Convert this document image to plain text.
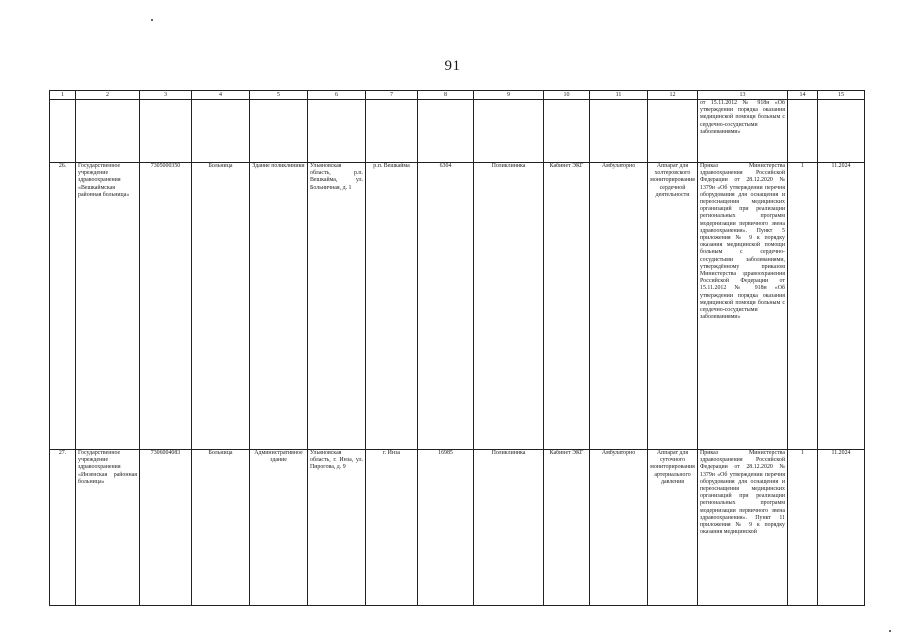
91
1	2	3	4	5	6	7	8	9	10	11	12	13	14	15
												от 15.11.2012 № 918н «Об утверждении порядка оказания медицинской помощи больным с сердечно-сосудистыми заболеваниями»		
26.	Государственное учреждение здравоохранения «Вешкаймская районная больница»	7305000350	Больница	Здание поликлиники	Ульяновская область, р.п. Вешкайма, ул. Больничная, д. 1	р.п. Вешкайма	6304	Поликлиника	Кабинет ЭКГ	Амбулаторно	Аппарат для холтеровского мониторирования сердечной деятельности	Приказ Министерства здравоохранения Российской Федерации от 28.12.2020 № 1379н «Об утверждении перечня оборудования для оснащения и переоснащения медицинских организаций при реализации региональных программ модернизации первичного звена здравоохранения». Пункт 5 приложения № 9 к порядку оказания медицинской помощи больным с сердечно-сосудистыми заболеваниями, утверждённому приказом Министерства здравоохранения Российской Федерации от 15.11.2012 № 918н «Об утверждении порядка оказания медицинской помощи больным с сердечно-сосудистыми заболеваниями»	1	11.2024
27.	Государственное учреждение здравоохранения «Инзенская районная больница»	7306004083	Больница	Административное здание	Ульяновская область, г. Инза, ул. Пирогова, д. 9	г. Инза	16985	Поликлиника	Кабинет ЭКГ	Амбулаторно	Аппарат для суточного мониторирования артериального давления	Приказ Министерства здравоохранения Российской Федерации от 28.12.2020 № 1379н «Об утверждении перечня оборудования для оснащения и переоснащения медицинских организаций при реализации региональных программ модернизации первичного звена здравоохранения». Пункт 11 приложения № 9 к порядку оказания медицинской	1	11.2024
